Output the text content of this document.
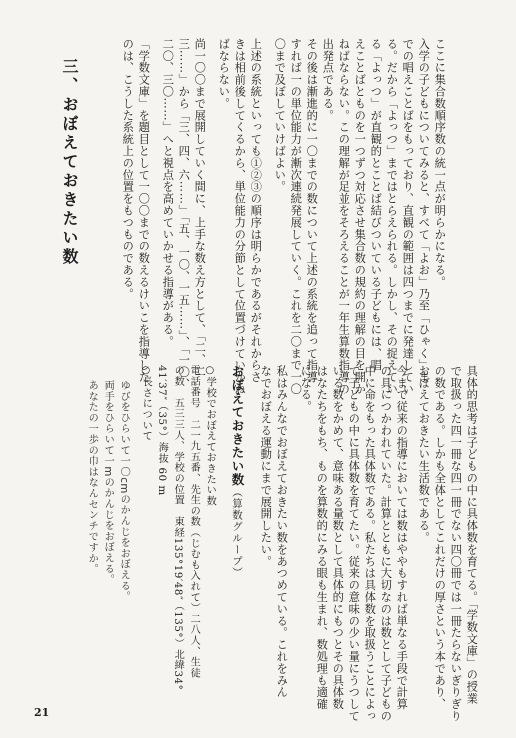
ここに集合数順序数の統一点が明らかになる。
入学の子どもについてみると、すべて「よお」乃至「ひゃく」ま
での唱えことばをもっており、直観の範囲は四つまでに発達してい
る。だから「よっつ」まではとらえられる。しかし、その捉えてい
る「よっつ」が直観的とことば結びついている子どもには、唱
えことばとものを一つずつ対応させ集合数の規約の理解の目を開か
ねばならない。この理解が足並をそろえることが一年生算数指導の
出発点である。
その後は漸進的に一〇までの数について上述の系統を追って指導
すれば一の単位能力が漸次連続発展していく。これを二〇まで一〇
〇まで及ぼしていけばよい。
上述の系統といっても①②③の順序は明らかであるがそれからさ
きは相前後してくるから、単位能力の分節として位置づけていかね
ばならない。
尚一〇〇まで展開していく間に、上手な数え方として、「二、二
三……」から「三、四、六……」「五、一〇、一五……」、「一〇、
二〇、三〇……」へと視点を高めていかせる指導がある。
「学数文庫」を題目として一〇〇までの数えるけいこを指導した
のは、こうした系統上の位置をもつものである。
三、おぼえておきたい数
具体的思考は子どもの中に具体数を育てる。「学数文庫」の授業
で取扱った四一冊な四一冊でない四〇冊では一冊たらないぎりぎり
の数である。しかも全体としてこれだけの厚さという本であり、
おぼえておきたい生活数である。
今まで従来の指導においては数はややもすれば単なる手段で計算
の具につかわれていた。計算とともに大切なのは数として子どもの
中に命をもった具体数である。私たちは具体数を取扱うことによっ
て子どもの中に具体数を育てたい。従来の意味の少い量にうつして
いる数をかめて、意味ある量数として具体的にもつとその具体数
はなたちをもち、ものを算数的にみる眼も生まれ、数処理も適確
になる。
私はみんなでおぼえておきたい数をあつめている。これをみん
なでおぼえる運動にまで展開したい。
おぼえておきたい数（算数グループ）
○学校でおぼえておきたい数
電話番号　二一九五番、先生の数（じむも入れて）二八人、生徒
の数　五三三人、学校の位置　東経135°19′48″（135°）北緯34°
41′37″（35°）海抜 60 m
○長さについて
ゆびをひらいて一〇cmのかんじをおぼえる。
両手をひらいて一mのかんじをおぼえる。
あなたの一歩の巾はなんセンチですか。
21
